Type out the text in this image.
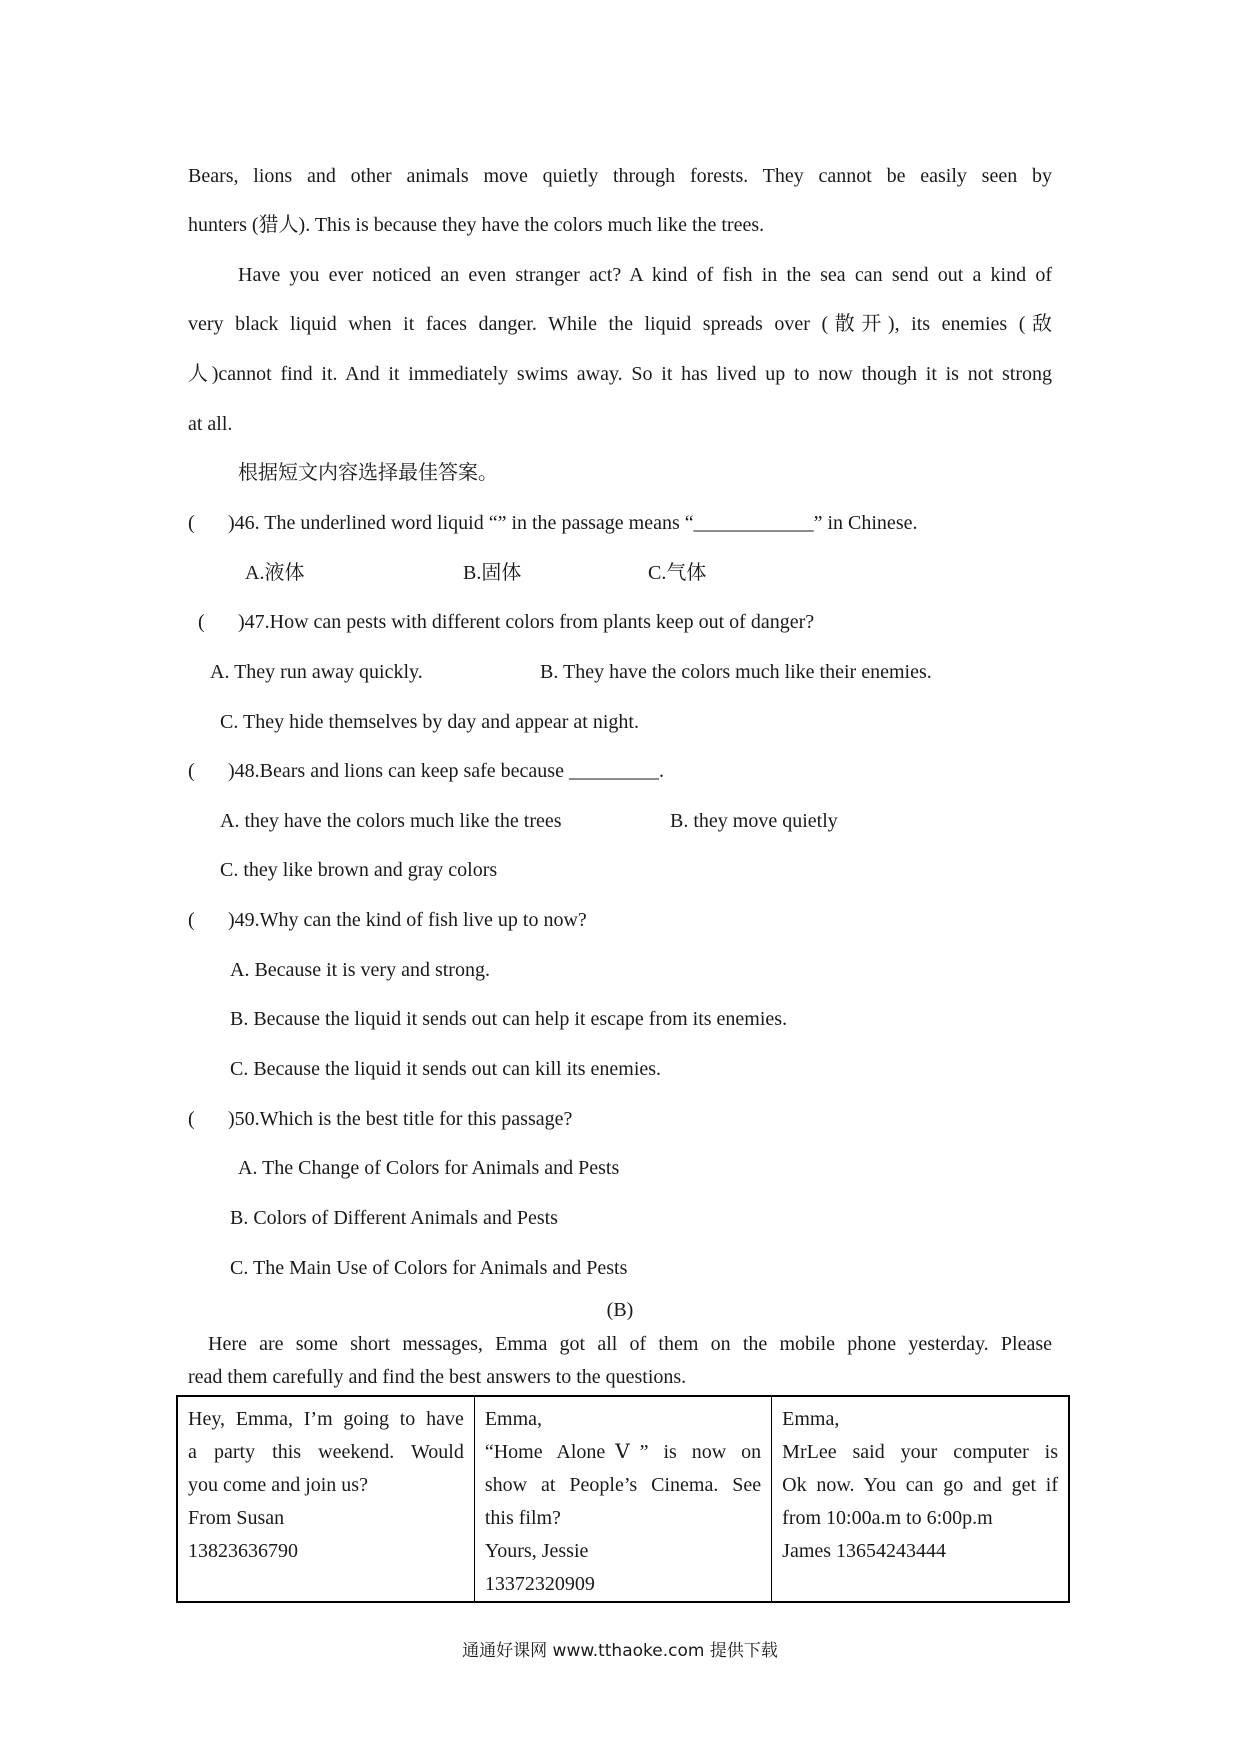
Bears, lions and other animals move quietly through forests. They cannot be easily seen by
hunters (猎人). This is because they have the colors much like the trees.
Have you ever noticed an even stranger act? A kind of fish in the sea can send out a kind of
very black liquid when it faces danger. While the liquid spreads over (散开), its enemies (敌
人)cannot find it. And it immediately swims away. So it has lived up to now though it is not strong
at all.
根据短文内容选择最佳答案。
( )46. The underlined word liquid “” in the passage means “____________” in Chinese.
A.液体	B.固体	C.气体
( )47.How can pests with different colors from plants keep out of danger?
A. They run away quickly.	B. They have the colors much like their enemies.
C. They hide themselves by day and appear at night.
( )48.Bears and lions can keep safe because _________.
A. they have the colors much like the trees	B. they move quietly
C. they like brown and gray colors
( )49.Why can the kind of fish live up to now?
A. Because it is very and strong.
B. Because the liquid it sends out can help it escape from its enemies.
C. Because the liquid it sends out can kill its enemies.
( )50.Which is the best title for this passage?
A. The Change of Colors for Animals and Pests
B. Colors of Different Animals and Pests
C. The Main Use of Colors for Animals and Pests
(B)
Here are some short messages, Emma got all of them on the mobile phone yesterday. Please
read them carefully and find the best answers to the questions.
Hey, Emma, I’m going to have
a party this weekend. Would
you come and join us?
From Susan
13823636790

Emma,
“Home AloneⅤ” is now on
show at People’s Cinema. See
this film?
Yours, Jessie
13372320909

Emma,
MrLee said your computer is
Ok now. You can go and get if
from 10:00a.m to 6:00p.m
James 13654243444
通通好课网 www.tthaoke.com 提供下载
